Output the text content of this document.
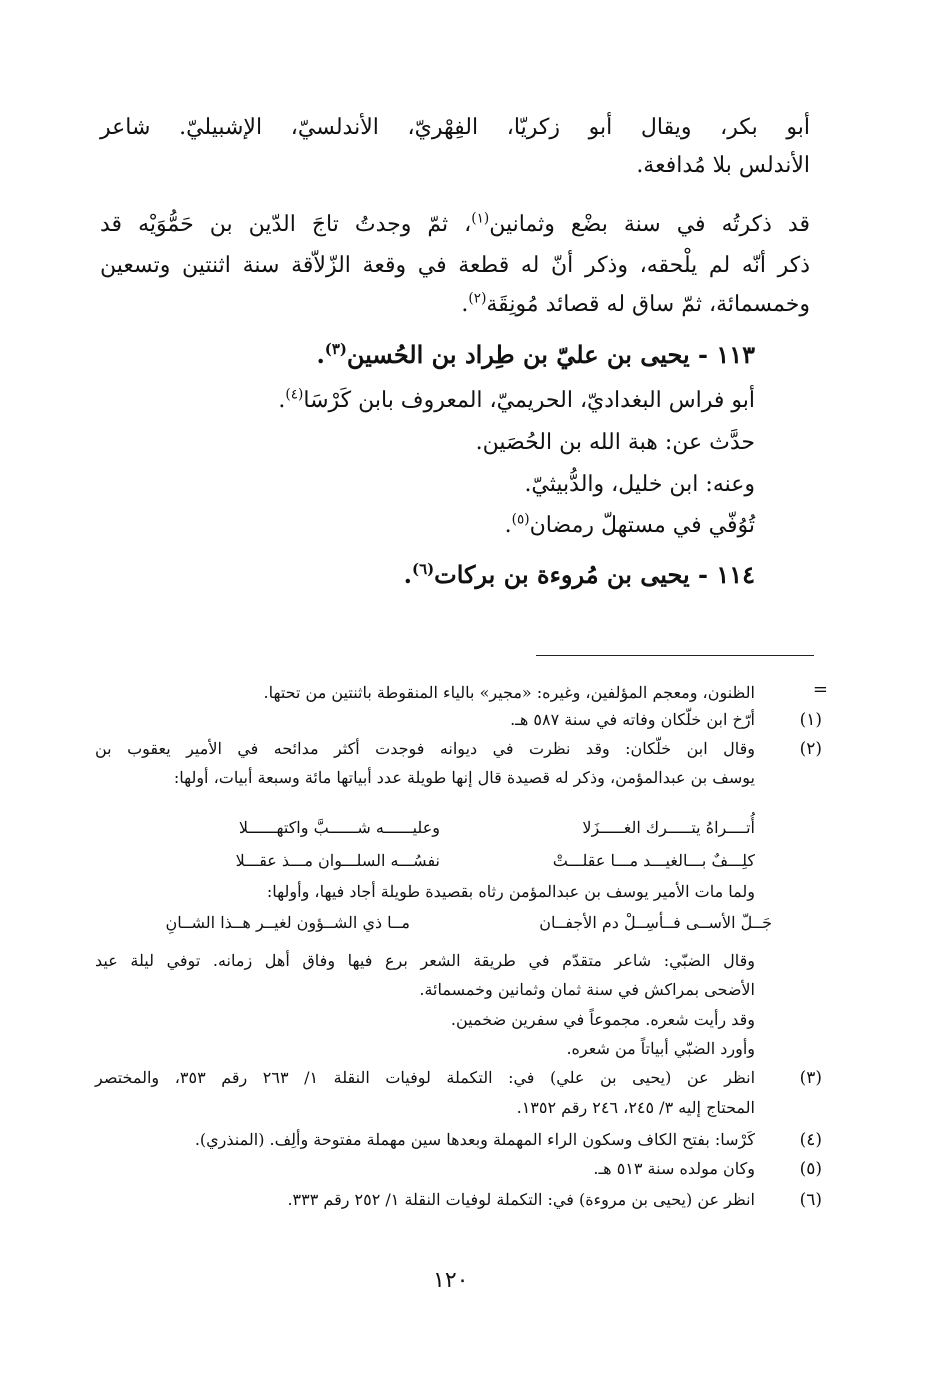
أبو بكر، ويقال أبو زكريّا، الفِهْريّ، الأندلسيّ، الإشبيليّ. شاعر
الأندلس بلا مُدافعة.
قد ذكرتُه في سنة بضْع وثمانين$^{(١)}$، ثمّ وجدتُ تاجَ الدّين بن حَمُّوَيْه قد
ذكر أنّه لم يلْحقه، وذكر أنّ له قطعة في وقعة الزّلاّقة سنة اثنتين وتسعين
وخمسمائة، ثمّ ساق له قصائد مُونِقَة$^{(٢)}$.
١١٣ - يحيى بن عليّ بن طِراد بن الحُسين$^{(٣)}$.
أبو فراس البغداديّ، الحريميّ، المعروف بابن كَرْسَا$^{(٤)}$.
حدَّث عن: هبة الله بن الحُصَين.
وعنه: ابن خليل، والدُّبيثيّ.
تُوُفّي في مستهلّ رمضان$^{(٥)}$.
١١٤ - يحيى بن مُروءة بن بركات$^{(٦)}$.
=
الظنون، ومعجم المؤلفين، وغيره: «مجير» بالياء المنقوطة باثنتين من تحتها.
(١)
أرّخ ابن خلّكان وفاته في سنة ٥٨٧ هـ.
(٢)
وقال ابن خلّكان: وقد نظرت في ديوانه فوجدت أكثر مدائحه في الأمير يعقوب بن
يوسف بن عبدالمؤمن، وذكر له قصيدة قال إنها طويلة عدد أبياتها مائة وسبعة أبيات، أولها:
أُتــــراهُ يتـــــرك الغـــــزَلا
وعليــــــه شــــــبَّ واكتهــــــلا
كلِـــفٌ بـــالغيـــد مـــا عقلـــتْ
نفسُـــه السلـــوان مـــذ عقـــلا
ولما مات الأمير يوسف بن عبدالمؤمن رثاه بقصيدة طويلة أجاد فيها، وأولها:
جَــلّ الأســى فــأسِــلْ دم الأجفــان
مــا ذي الشــؤون لغيــر هــذا الشــانِ
وقال الضبّي: شاعر متقدّم في طريقة الشعر برع فيها وفاق أهل زمانه. توفي ليلة عيد
الأضحى بمراكش في سنة ثمان وثمانين وخمسمائة.
وقد رأيت شعره. مجموعاً في سفرين ضخمين.
وأورد الضبّي أبياتاً من شعره.
(٣)
انظر عن (يحيى بن علي) في: التكملة لوفيات النقلة ١/ ٢٦٣ رقم ٣٥٣، والمختصر
المحتاج إليه ٣/ ٢٤٥، ٢٤٦ رقم ١٣٥٢.
(٤)
كَرْسا: بفتح الكاف وسكون الراء المهملة وبعدها سين مهملة مفتوحة وألِف. (المنذري).
(٥)
وكان مولده سنة ٥١٣ هـ.
(٦)
انظر عن (يحيى بن مروءة) في: التكملة لوفيات النقلة ١/ ٢٥٢ رقم ٣٣٣.
١٢٠
